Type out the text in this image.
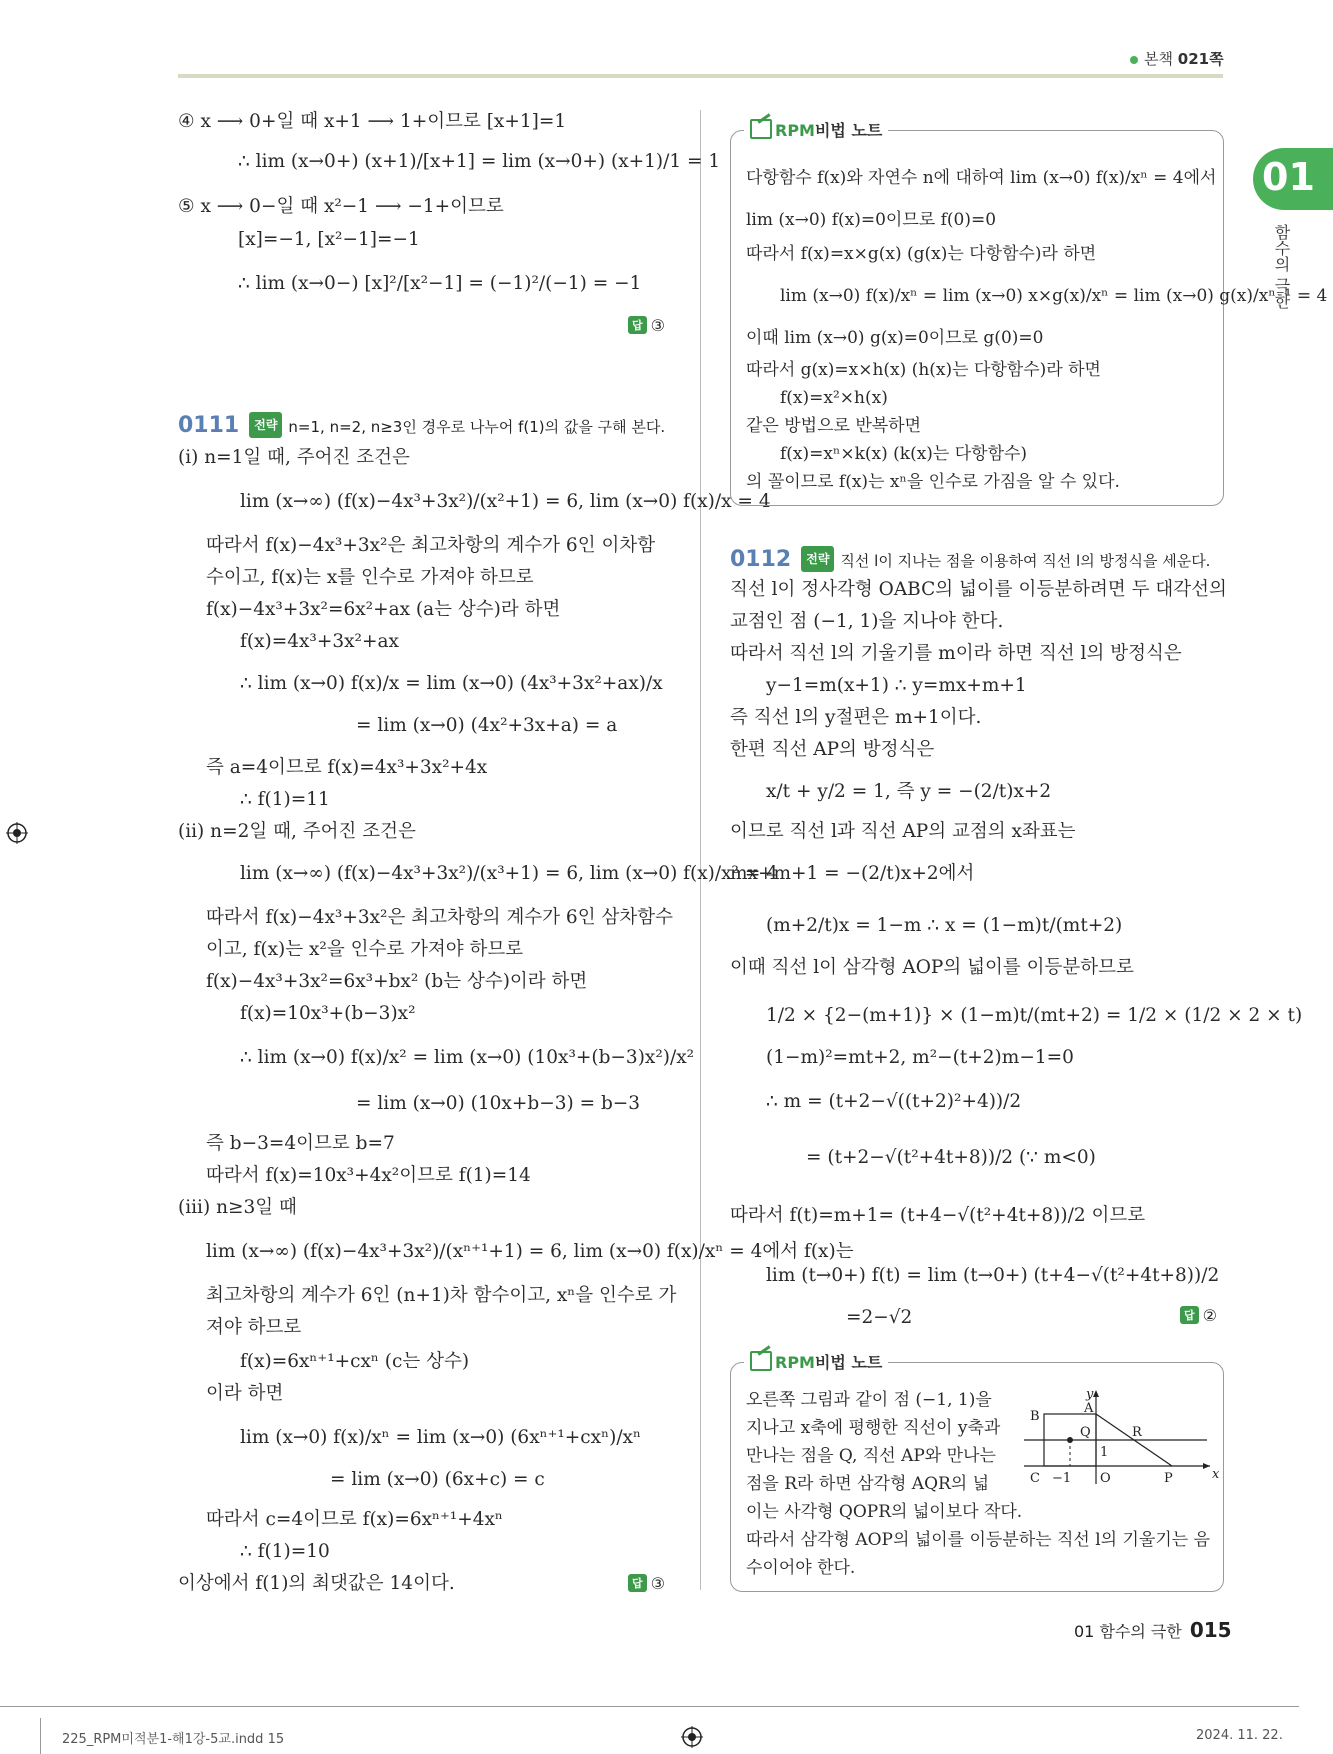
본책 021쪽
01
함수의 극한
④ x ⟶ 0+일 때 x+1 ⟶ 1+이므로 [x+1]=1
∴ lim (x→0+) (x+1)/[x+1] = lim (x→0+) (x+1)/1 = 1
⑤ x ⟶ 0−일 때 x²−1 ⟶ −1+이므로
[x]=−1, [x²−1]=−1
∴ lim (x→0−) [x]²/[x²−1] = (−1)²/(−1) = −1
답 ③
0111 전략 n=1, n=2, n≥3인 경우로 나누어 f(1)의 값을 구해 본다.
(i) n=1일 때, 주어진 조건은
lim (x→∞) (f(x)−4x³+3x²)/(x²+1) = 6, lim (x→0) f(x)/x = 4
따라서 f(x)−4x³+3x²은 최고차항의 계수가 6인 이차함
수이고, f(x)는 x를 인수로 가져야 하므로
f(x)−4x³+3x²=6x²+ax (a는 상수)라 하면
f(x)=4x³+3x²+ax
∴ lim (x→0) f(x)/x = lim (x→0) (4x³+3x²+ax)/x
= lim (x→0) (4x²+3x+a) = a
즉 a=4이므로 f(x)=4x³+3x²+4x
∴ f(1)=11
(ii) n=2일 때, 주어진 조건은
lim (x→∞) (f(x)−4x³+3x²)/(x³+1) = 6, lim (x→0) f(x)/x² = 4
따라서 f(x)−4x³+3x²은 최고차항의 계수가 6인 삼차함수
이고, f(x)는 x²을 인수로 가져야 하므로
f(x)−4x³+3x²=6x³+bx² (b는 상수)이라 하면
f(x)=10x³+(b−3)x²
∴ lim (x→0) f(x)/x² = lim (x→0) (10x³+(b−3)x²)/x²
= lim (x→0) (10x+b−3) = b−3
즉 b−3=4이므로 b=7
따라서 f(x)=10x³+4x²이므로 f(1)=14
(iii) n≥3일 때
lim (x→∞) (f(x)−4x³+3x²)/(xⁿ⁺¹+1) = 6, lim (x→0) f(x)/xⁿ = 4에서 f(x)는
최고차항의 계수가 6인 (n+1)차 함수이고, xⁿ을 인수로 가
져야 하므로
f(x)=6xⁿ⁺¹+cxⁿ (c는 상수)
이라 하면
lim (x→0) f(x)/xⁿ = lim (x→0) (6xⁿ⁺¹+cxⁿ)/xⁿ
= lim (x→0) (6x+c) = c
따라서 c=4이므로 f(x)=6xⁿ⁺¹+4xⁿ
∴ f(1)=10
이상에서 f(1)의 최댓값은 14이다.	답 ③
RPM비법 노트
다항함수 f(x)와 자연수 n에 대하여 lim (x→0) f(x)/xⁿ = 4에서
lim (x→0) f(x)=0이므로 f(0)=0
따라서 f(x)=x×g(x) (g(x)는 다항함수)라 하면
lim (x→0) f(x)/xⁿ = lim (x→0) x×g(x)/xⁿ = lim (x→0) g(x)/xⁿ⁻¹ = 4
이때 lim (x→0) g(x)=0이므로 g(0)=0
따라서 g(x)=x×h(x) (h(x)는 다항함수)라 하면
f(x)=x²×h(x)
같은 방법으로 반복하면
f(x)=xⁿ×k(x) (k(x)는 다항함수)
의 꼴이므로 f(x)는 xⁿ을 인수로 가짐을 알 수 있다.
0112 전략 직선 l이 지나는 점을 이용하여 직선 l의 방정식을 세운다.
직선 l이 정사각형 OABC의 넓이를 이등분하려면 두 대각선의
교점인 점 (−1, 1)을 지나야 한다.
따라서 직선 l의 기울기를 m이라 하면 직선 l의 방정식은
y−1=m(x+1) ∴ y=mx+m+1
즉 직선 l의 y절편은 m+1이다.
한편 직선 AP의 방정식은
x/t + y/2 = 1, 즉 y = −(2/t)x+2
이므로 직선 l과 직선 AP의 교점의 x좌표는
mx+m+1 = −(2/t)x+2에서
(m+2/t)x = 1−m ∴ x = (1−m)t/(mt+2)
이때 직선 l이 삼각형 AOP의 넓이를 이등분하므로
1/2 × {2−(m+1)} × (1−m)t/(mt+2) = 1/2 × (1/2 × 2 × t)
(1−m)²=mt+2, m²−(t+2)m−1=0
∴ m = (t+2−√((t+2)²+4))/2
= (t+2−√(t²+4t+8))/2 (∵ m<0)
따라서 f(t)=m+1= (t+4−√(t²+4t+8))/2 이므로
lim (t→0+) f(t) = lim (t→0+) (t+4−√(t²+4t+8))/2
=2−√2	답 ②
RPM비법 노트
오른쪽 그림과 같이 점 (−1, 1)을
지나고 x축에 평행한 직선이 y축과
만나는 점을 Q, 직선 AP와 만나는
점을 R라 하면 삼각형 AQR의 넓
이는 사각형 QOPR의 넓이보다 작다.
따라서 삼각형 AOP의 넓이를 이등분하는 직선 l의 기울기는 음
수이어야 한다.
y
x
A
B
Q	R
C	O	P
1
−1
01 함수의 극한 015
225_RPM미적분1-해1강-5교.indd 15	2024. 11. 22.
